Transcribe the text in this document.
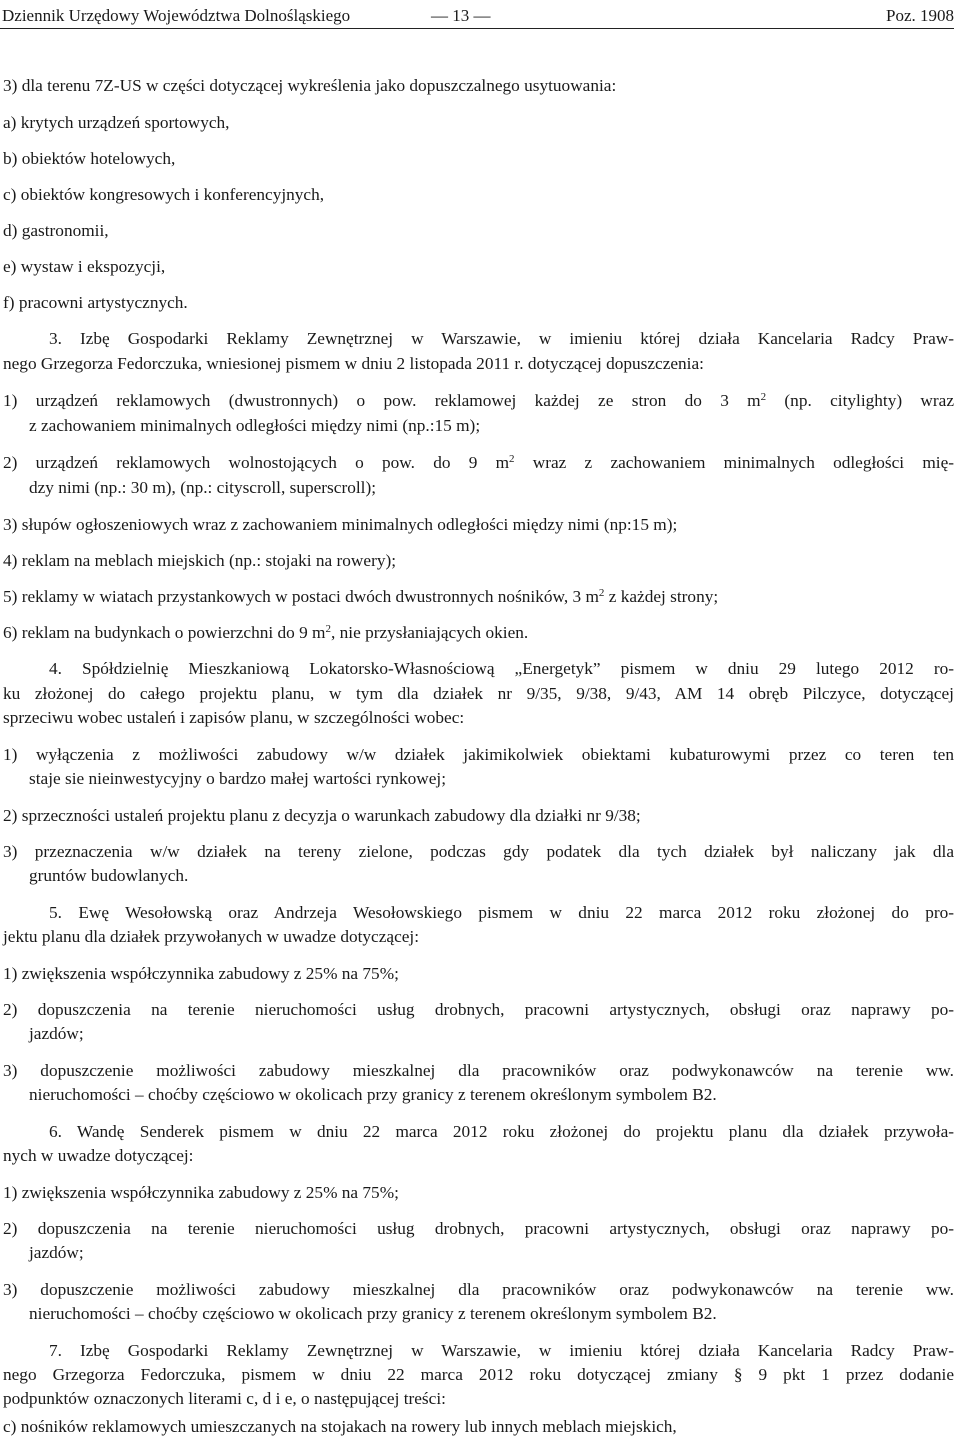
Dziennik Urzędowy Województwa Dolnośląskiego	— 13 —	Poz. 1908

3) dla terenu 7Z-US w części dotyczącej wykreślenia jako dopuszczalnego usytuowania:

a) krytych urządzeń sportowych,

b) obiektów hotelowych,

c) obiektów kongresowych i konferencyjnych,

d) gastronomii,

e) wystaw i ekspozycji,

f) pracowni artystycznych.

3. Izbę Gospodarki Reklamy Zewnętrznej w Warszawie, w imieniu której działa Kancelaria Radcy Praw-

nego Grzegorza Fedorczuka, wniesionej pismem w dniu 2 listopada 2011 r. dotyczącej dopuszczenia:

1) urządzeń reklamowych (dwustronnych) o pow. reklamowej każdej ze stron do 3 $m^2$ (np. citylighty) wraz

z zachowaniem minimalnych odległości między nimi (np.:15 m);

2) urządzeń reklamowych wolnostojących o pow. do 9 $m^2$ wraz z zachowaniem minimalnych odległości mię-

dzy nimi (np.: 30 m), (np.: cityscroll, superscroll);

3) słupów ogłoszeniowych wraz z zachowaniem minimalnych odległości między nimi (np:15 m);

4) reklam na meblach miejskich (np.: stojaki na rowery);

5) reklamy w wiatach przystankowych w postaci dwóch dwustronnych nośników, 3 $m^2$ z każdej strony;

6) reklam na budynkach o powierzchni do 9 $m^2$, nie przysłaniających okien.

4. Spółdzielnię Mieszkaniową Lokatorsko-Własnościową „Energetyk” pismem w dniu 29 lutego 2012 ro-

ku złożonej do całego projektu planu, w tym dla działek nr 9/35, 9/38, 9/43, AM 14 obręb Pilczyce, dotyczącej

sprzeciwu wobec ustaleń i zapisów planu, w szczególności wobec:

1) wyłączenia z możliwości zabudowy w/w działek jakimikolwiek obiektami kubaturowymi przez co teren ten

staje sie nieinwestycyjny o bardzo małej wartości rynkowej;

2) sprzeczności ustaleń projektu planu z decyzja o warunkach zabudowy dla działki nr 9/38;

3) przeznaczenia w/w działek na tereny zielone, podczas gdy podatek dla tych działek był naliczany jak dla

gruntów budowlanych.

5. Ewę Wesołowską oraz Andrzeja Wesołowskiego pismem w dniu 22 marca 2012 roku złożonej do pro-

jektu planu dla działek przywołanych w uwadze dotyczącej:

1) zwiększenia współczynnika zabudowy z 25% na 75%;

2) dopuszczenia na terenie nieruchomości usług drobnych, pracowni artystycznych, obsługi oraz naprawy po-

jazdów;

3) dopuszczenie możliwości zabudowy mieszkalnej dla pracowników oraz podwykonawców na terenie ww.

nieruchomości – choćby częściowo w okolicach przy granicy z terenem określonym symbolem B2.

6. Wandę Senderek pismem w dniu 22 marca 2012 roku złożonej do projektu planu dla działek przywoła-

nych w uwadze dotyczącej:

1) zwiększenia współczynnika zabudowy z 25% na 75%;

2) dopuszczenia na terenie nieruchomości usług drobnych, pracowni artystycznych, obsługi oraz naprawy po-

jazdów;

3) dopuszczenie możliwości zabudowy mieszkalnej dla pracowników oraz podwykonawców na terenie ww.

nieruchomości – choćby częściowo w okolicach przy granicy z terenem określonym symbolem B2.

7. Izbę Gospodarki Reklamy Zewnętrznej w Warszawie, w imieniu której działa Kancelaria Radcy Praw-

nego Grzegorza Fedorczuka, pismem w dniu 22 marca 2012 roku dotyczącej zmiany § 9 pkt 1 przez dodanie

podpunktów oznaczonych literami c, d i e, o następującej treści:

c) nośników reklamowych umieszczanych na stojakach na rowery lub innych meblach miejskich,
